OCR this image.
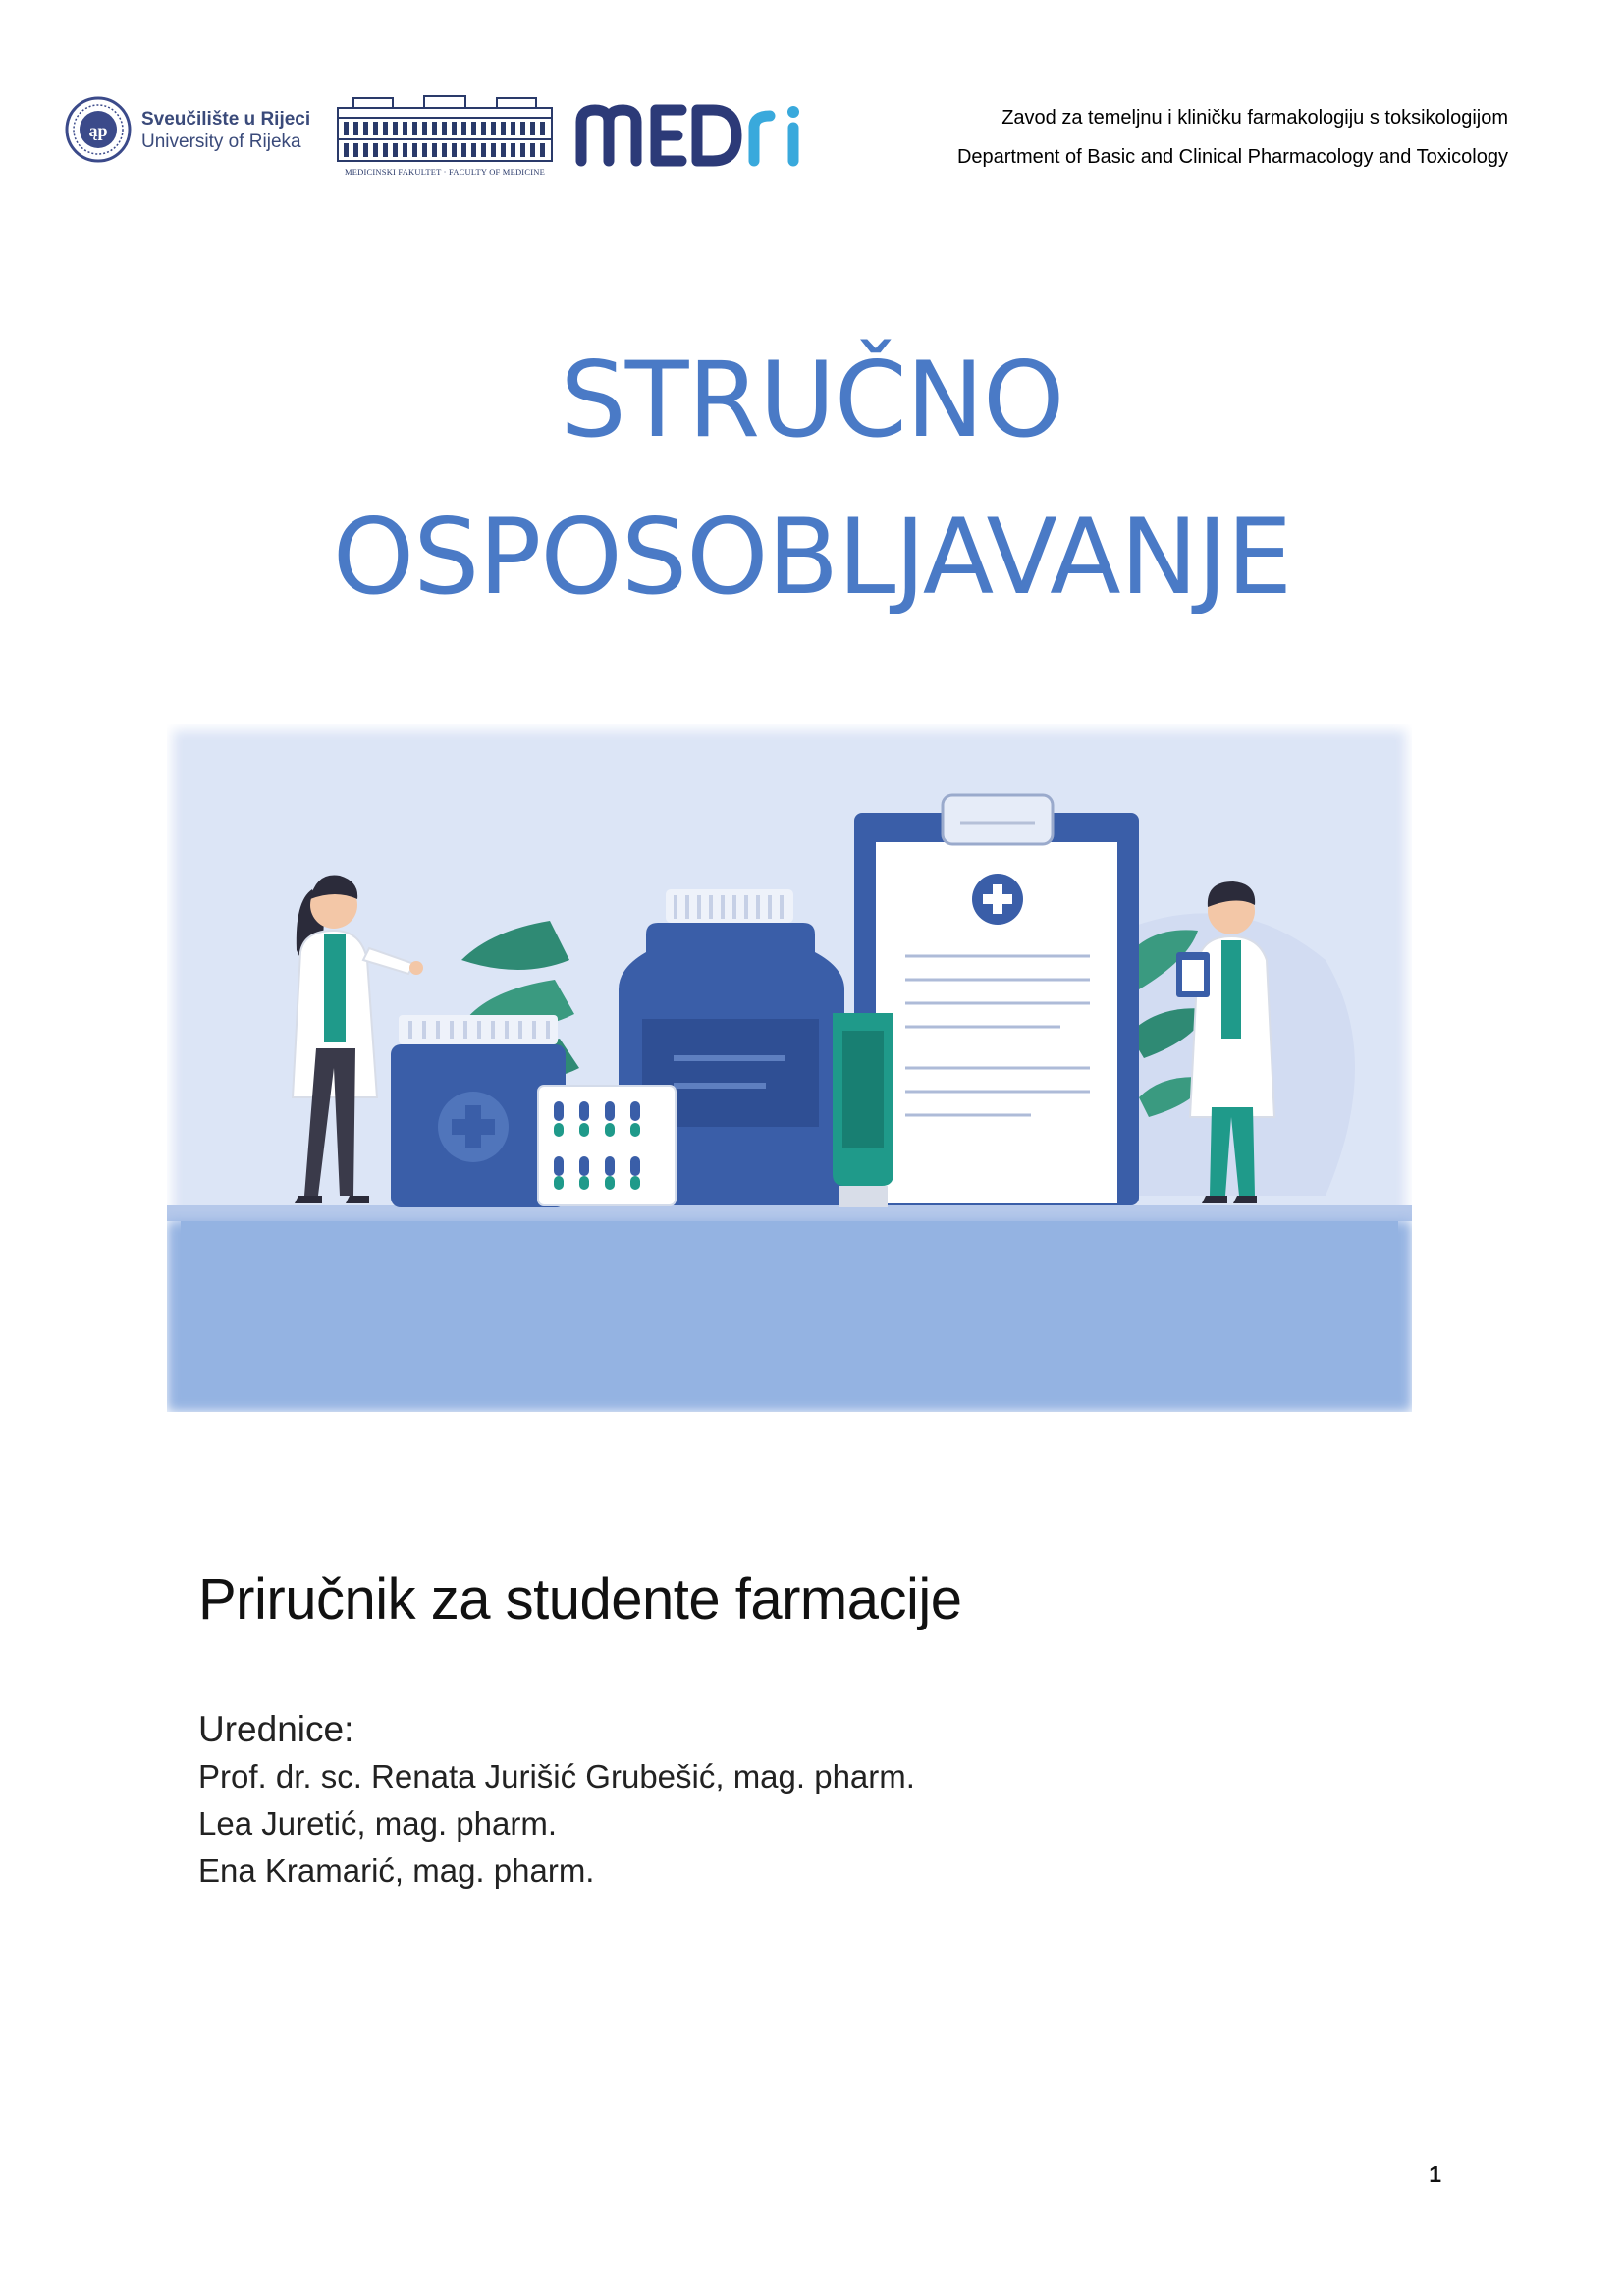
ąp
Sveučilište u Rijeci
University of Rijeka
MEDICINSKI FAKULTET · FACULTY OF MEDICINE
Zavod za temeljnu i kliničku farmakologiju s toksikologijom
Department of Basic and Clinical Pharmacology and Toxicology
STRUČNO
OSPOSOBLJAVANJE
Priručnik za studente farmacije
Urednice:
Prof. dr. sc. Renata Jurišić Grubešić, mag. pharm.
Lea Juretić, mag. pharm.
Ena Kramarić, mag. pharm.
1
